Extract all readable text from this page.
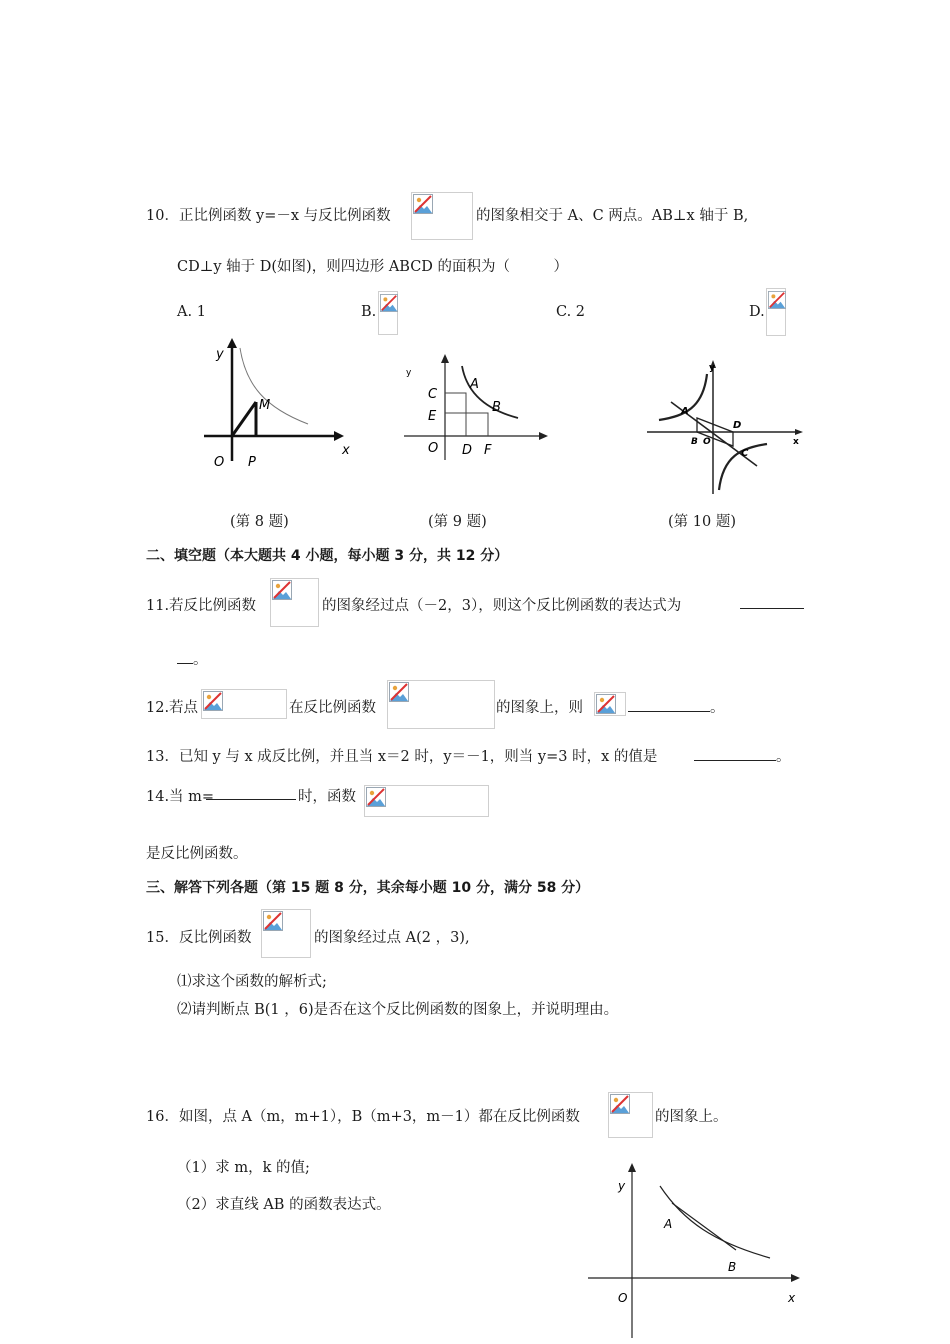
10．正比例函数 y=－x 与反比例函数	的图象相交于 A、C 两点。AB⊥x 轴于 B,
CD⊥y 轴于 D(如图)，则四边形 ABCD 的面积为（　　　）
A. 1	B.	C. 2	D.
y
x
O P
M
(第 8 题)
y
C
E
A
B
O D F
(第 9 题)
y
x
A
B O
D
C
(第 10 题)
二、填空题（本大题共 4 小题，每小题 3 分，共 12 分）
11.若反比例函数	的图象经过点（－2，3），则这个反比例函数的表达式为
。
12.若点	在反比例函数	的图象上，则	。
13．已知 y 与 x 成反比例，并且当 x＝2 时，y＝－1，则当 y=3 时，x 的值是	。
14.当 m=	时，函数
是反比例函数。
三、解答下列各题（第 15 题 8 分，其余每小题 10 分，满分 58 分）
15．反比例函数	的图象经过点 A(2 ，3),
⑴求这个函数的解析式;
⑵请判断点 B(1 ，6)是否在这个反比例函数的图象上，并说明理由。
16．如图，点 A（m，m+1），B（m+3，m－1）都在反比例函数	的图象上。
（1）求 m，k 的值;
（2）求直线 AB 的函数表达式。
y
x
O
A
B
